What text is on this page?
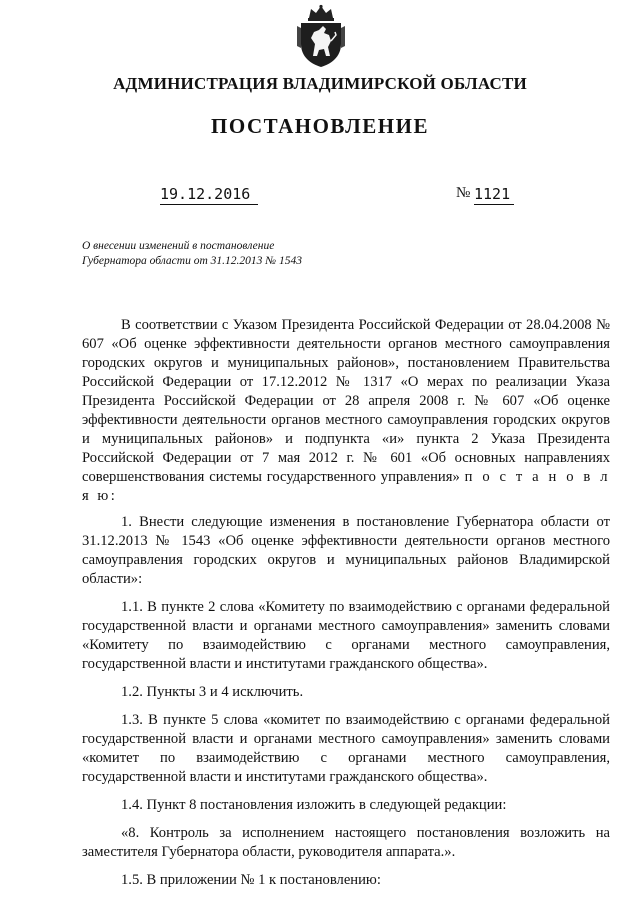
АДМИНИСТРАЦИЯ ВЛАДИМИРСКОЙ ОБЛАСТИ
ПОСТАНОВЛЕНИЕ
19.12.2016	№ 1121
О внесении изменений в постановление
Губернатора области от 31.12.2013 № 1543

В соответствии с Указом Президента Российской Федерации от 28.04.2008 № 607 «Об оценке эффективности деятельности органов местного самоуправления городских округов и муниципальных районов», постановлением Правительства Российской Федерации от 17.12.2012 № 1317 «О мерах по реализации Указа Президента Российской Федерации от 28 апреля 2008 г. № 607 «Об оценке эффективности деятельности органов местного самоуправления городских округов и муниципальных районов» и подпункта «и» пункта 2 Указа Президента Российской Федерации от 7 мая 2012 г. № 601 «Об основных направлениях совершенствования системы государственного управления» п о с т а н о в л я ю:

1. Внести следующие изменения в постановление Губернатора области от 31.12.2013 № 1543 «Об оценке эффективности деятельности органов местного самоуправления городских округов и муниципальных районов Владимирской области»:

1.1. В пункте 2 слова «Комитету по взаимодействию с органами федеральной государственной власти и органами местного самоуправления» заменить словами «Комитету по взаимодействию с органами местного самоуправления, государственной власти и институтами гражданского общества».

1.2. Пункты 3 и 4 исключить.

1.3. В пункте 5 слова «комитет по взаимодействию с органами федеральной государственной власти и органами местного самоуправления» заменить словами «комитет по взаимодействию с органами местного самоуправления, государственной власти и институтами гражданского общества».

1.4. Пункт 8 постановления изложить в следующей редакции:

«8. Контроль за исполнением настоящего постановления возложить на заместителя Губернатора области, руководителя аппарата.».

1.5. В приложении № 1 к постановлению:
